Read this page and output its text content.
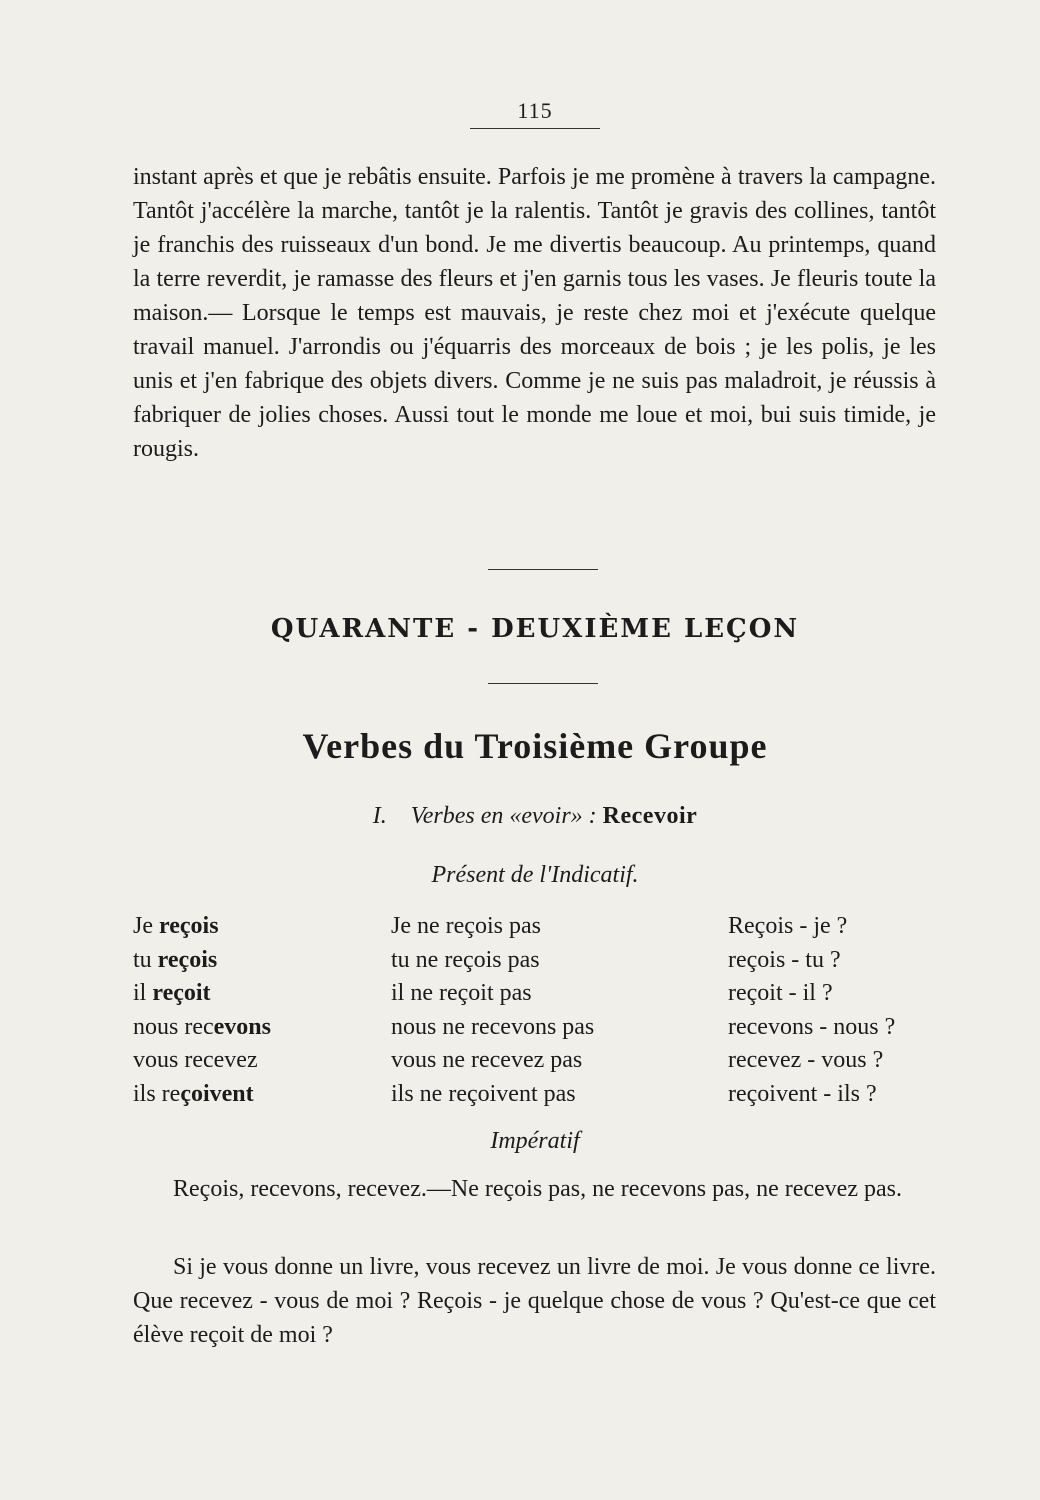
115

instant après et que je rebâtis ensuite. Parfois je me promène à travers la campagne. Tantôt j'accélère la marche, tantôt je la ralentis. Tantôt je gravis des collines, tantôt je franchis des ruisseaux d'un bond. Je me divertis beaucoup. Au printemps, quand la terre reverdit, je ramasse des fleurs et j'en garnis tous les vases. Je fleuris toute la maison.— Lorsque le temps est mauvais, je reste chez moi et j'exécute quelque travail manuel. J'arrondis ou j'équarris des morceaux de bois ; je les polis, je les unis et j'en fabrique des objets divers. Comme je ne suis pas maladroit, je réussis à fabriquer de jolies choses. Aussi tout le monde me loue et moi, bui suis timide, je rougis.

QUARANTE - DEUXIÈME LEÇON
Verbes du Troisième Groupe
I. Verbes en «evoir» : Recevoir
Présent de l'Indicatif.
Je reçois	Je ne reçois pas	Reçois - je ?
tu reçois	tu ne reçois pas	reçois - tu ?
il reçoit	il ne reçoit pas	reçoit - il ?
nous recevons	nous ne recevons pas	recevons - nous ?
vous recevez	vous ne recevez pas	recevez - vous ?
ils reçoivent	ils ne reçoivent pas	reçoivent - ils ?
Impératif

Reçois, recevons, recevez.—Ne reçois pas, ne recevons pas, ne recevez pas.

Si je vous donne un livre, vous recevez un livre de moi. Je vous donne ce livre. Que recevez - vous de moi ? Reçois - je quelque chose de vous ? Qu'est-ce que cet élève reçoit de moi ?
